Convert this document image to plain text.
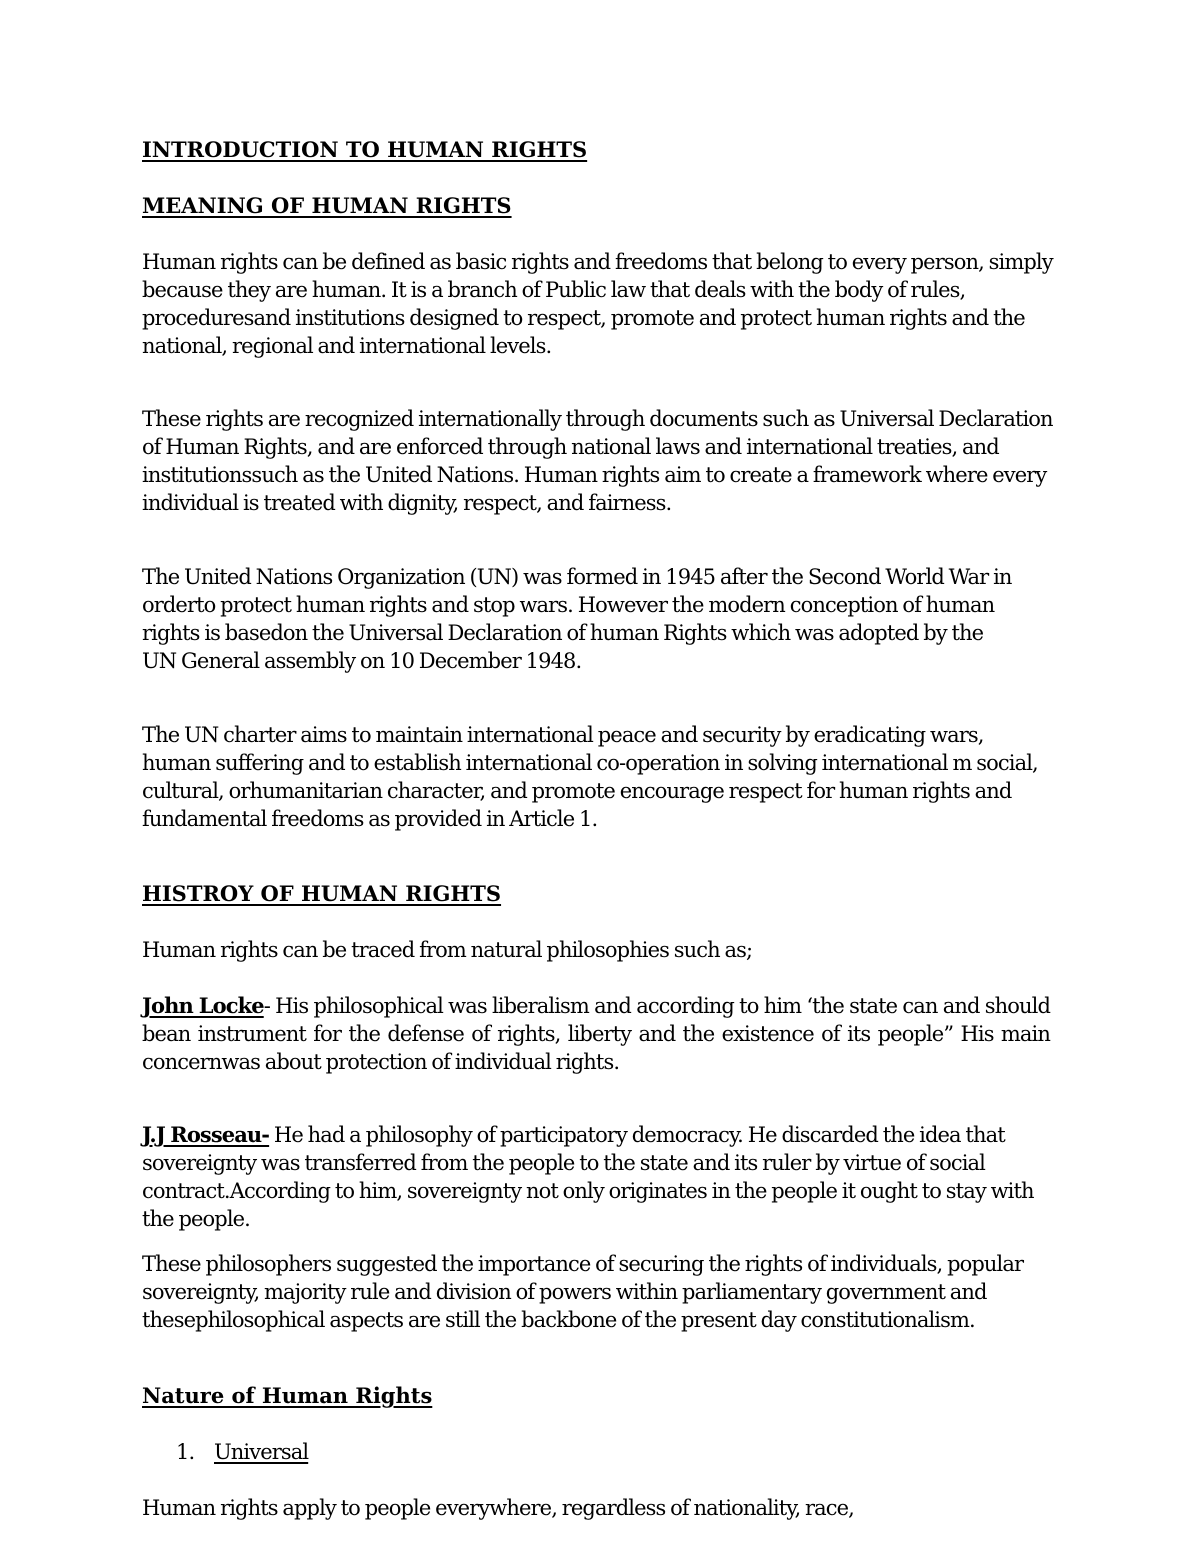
INTRODUCTION TO HUMAN RIGHTS
MEANING OF HUMAN RIGHTS

Human rights can be defined as basic rights and freedoms that belong to every person, simply because they are human. It is a branch of Public law that deals with the body of rules, proceduresand institutions designed to respect, promote and protect human rights and the national, regional and international levels.

These rights are recognized internationally through documents such as Universal Declaration of Human Rights, and are enforced through national laws and international treaties, and institutionssuch as the United Nations. Human rights aim to create a framework where every individual is treated with dignity, respect, and fairness.

The United Nations Organization (UN) was formed in 1945 after the Second World War in orderto protect human rights and stop wars. However the modern conception of human rights is basedon the Universal Declaration of human Rights which was adopted by the UN General assembly on 10 December 1948.

The UN charter aims to maintain international peace and security by eradicating wars, human suffering and to establish international co-operation in solving international m social, cultural, orhumanitarian character, and promote encourage respect for human rights and fundamental freedoms as provided in Article 1.

HISTROY OF HUMAN RIGHTS

Human rights can be traced from natural philosophies such as;

John Locke- His philosophical was liberalism and according to him ‘the state can and should bean instrument for the defense of rights, liberty and the existence of its people” His main concernwas about protection of individual rights.

J.J Rosseau- He had a philosophy of participatory democracy. He discarded the idea that sovereignty was transferred from the people to the state and its ruler by virtue of social contract.According to him, sovereignty not only originates in the people it ought to stay with the people.

These philosophers suggested the importance of securing the rights of individuals, popular sovereignty, majority rule and division of powers within parliamentary government and thesephilosophical aspects are still the backbone of the present day constitutionalism.

Nature of Human Rights

1. Universal

Human rights apply to people everywhere, regardless of nationality, race,
